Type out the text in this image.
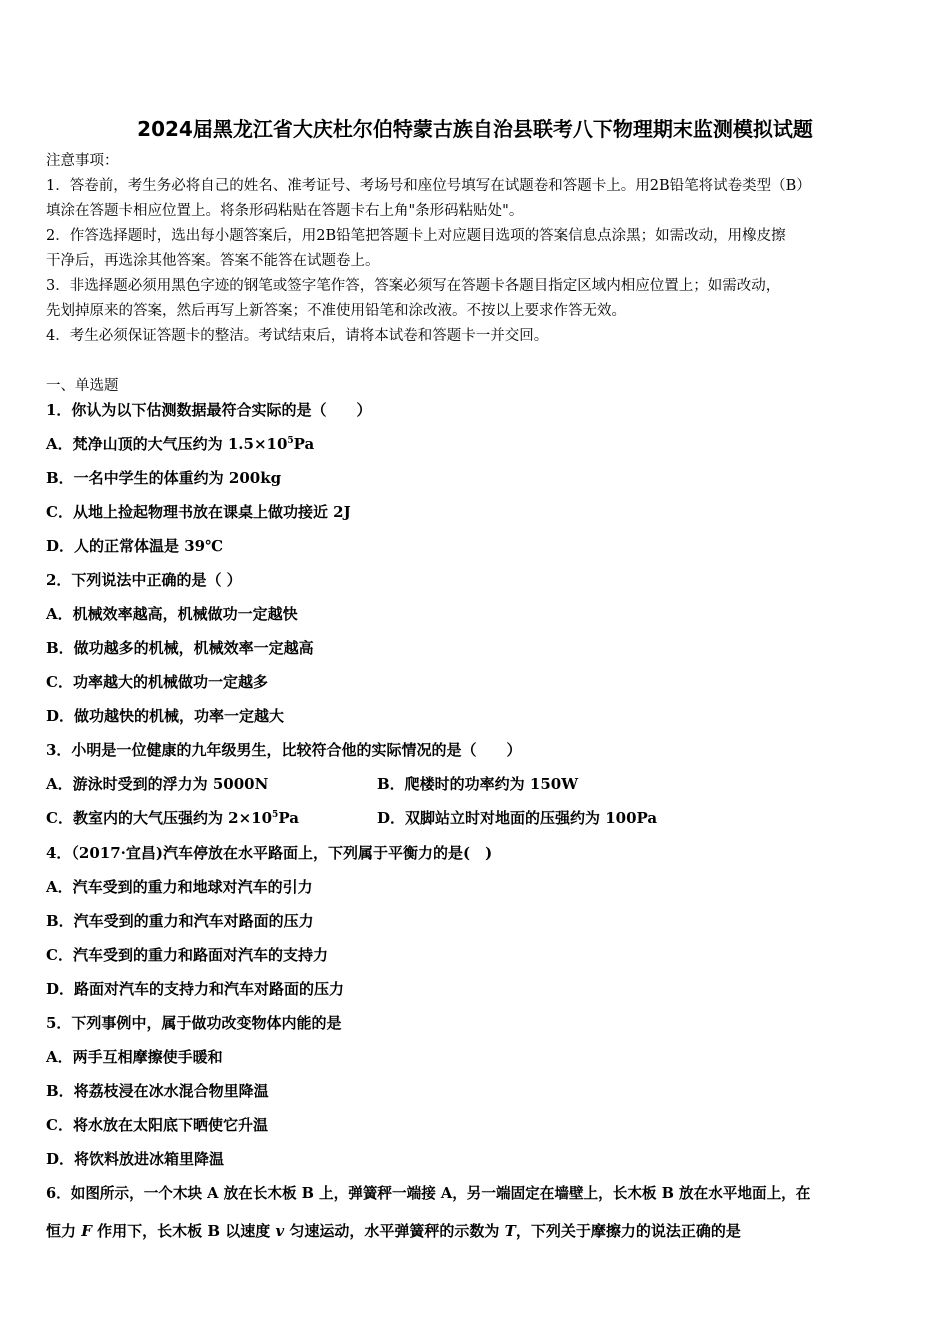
2024届黑龙江省大庆杜尔伯特蒙古族自治县联考八下物理期末监测模拟试题
注意事项：
1．答卷前，考生务必将自己的姓名、准考证号、考场号和座位号填写在试题卷和答题卡上。用2B铅笔将试卷类型（B）
填涂在答题卡相应位置上。将条形码粘贴在答题卡右上角"条形码粘贴处"。
2．作答选择题时，选出每小题答案后，用2B铅笔把答题卡上对应题目选项的答案信息点涂黑；如需改动，用橡皮擦
干净后，再选涂其他答案。答案不能答在试题卷上。
3．非选择题必须用黑色字迹的钢笔或签字笔作答，答案必须写在答题卡各题目指定区域内相应位置上；如需改动，
先划掉原来的答案，然后再写上新答案；不准使用铅笔和涂改液。不按以上要求作答无效。
4．考生必须保证答题卡的整洁。考试结束后，请将本试卷和答题卡一并交回。
一、单选题
1．你认为以下估测数据最符合实际的是（　　）
A．梵净山顶的大气压约为 $1.5\times 10^5Pa$
B．一名中学生的体重约为 200kg
C．从地上捡起物理书放在课桌上做功接近 2J
D．人的正常体温是 39℃
2．下列说法中正确的是（ ）
A．机械效率越高，机械做功一定越快
B．做功越多的机械，机械效率一定越高
C．功率越大的机械做功一定越多
D．做功越快的机械，功率一定越大
3．小明是一位健康的九年级男生，比较符合他的实际情况的是（　　）
A．游泳时受到的浮力为 5000N	B．爬楼时的功率约为 150W
C．教室内的大气压强约为 $2\times 10^5Pa$	D．双脚站立时对地面的压强约为 100Pa
4．（2017·宜昌)汽车停放在水平路面上，下列属于平衡力的是(　)
A．汽车受到的重力和地球对汽车的引力
B．汽车受到的重力和汽车对路面的压力
C．汽车受到的重力和路面对汽车的支持力
D．路面对汽车的支持力和汽车对路面的压力
5．下列事例中，属于做功改变物体内能的是
A．两手互相摩擦使手暖和
B．将荔枝浸在冰水混合物里降温
C．将水放在太阳底下晒使它升温
D．将饮料放进冰箱里降温
6．如图所示，一个木块 A 放在长木板 B 上，弹簧秤一端接 A，另一端固定在墙壁上，长木板 B 放在水平地面上，在
恒力 F 作用下，长木板 B 以速度 v 匀速运动，水平弹簧秤的示数为 T，下列关于摩擦力的说法正确的是
